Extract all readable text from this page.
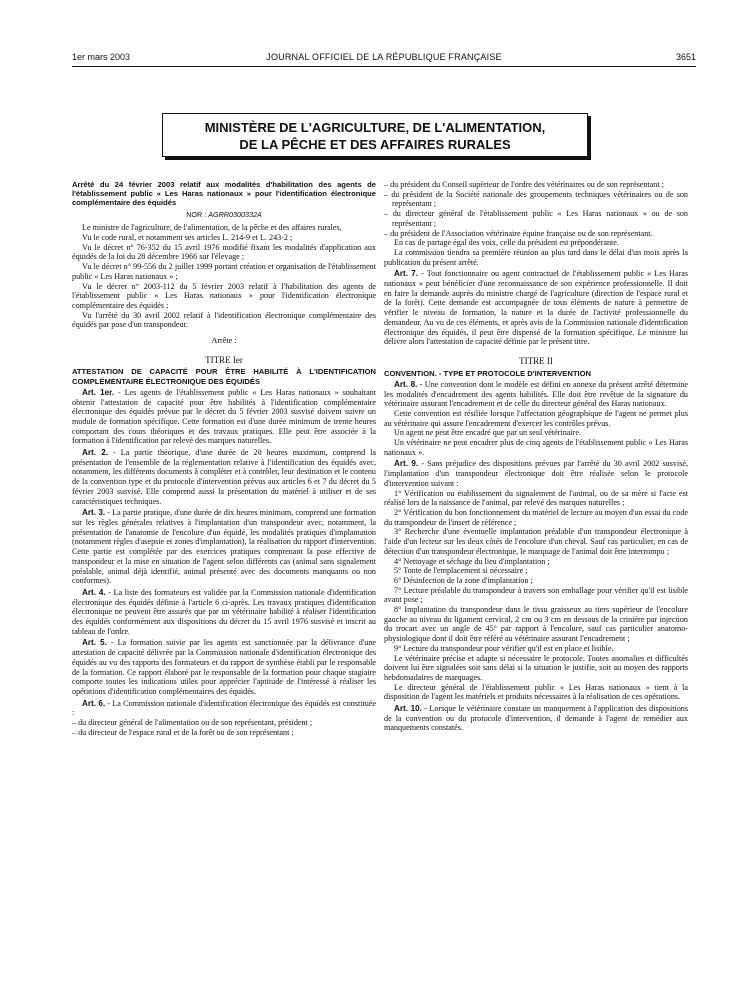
1er mars 2003	JOURNAL OFFICIEL DE LA RÉPUBLIQUE FRANÇAISE	3651
MINISTÈRE DE L'AGRICULTURE, DE L'ALIMENTATION,
DE LA PÊCHE ET DES AFFAIRES RURALES

Arrêté du 24 février 2003 relatif aux modalités d'habilitation des agents de l'établissement public « Les Haras nationaux » pour l'identification électronique complémentaire des équidés

NOR : AGRR0300332A

Le ministre de l'agriculture, de l'alimentation, de la pêche et des affaires rurales,

Vu le code rural, et notamment ses articles L. 214-9 et L. 243-2 ;

Vu le décret n° 76-352 du 15 avril 1976 modifié fixant les modalités d'application aux équidés de la loi du 28 décembre 1966 sur l'élevage ;

Vu le décret n° 99-556 du 2 juillet 1999 portant création et organisation de l'établissement public « Les Haras nationaux » ;

Vu le décret n° 2003-112 du 5 février 2003 relatif à l'habilitation des agents de l'établissement public « Les Haras nationaux » pour l'identification électronique complémentaire des équidés ;

Vu l'arrêté du 30 avril 2002 relatif à l'identification électronique complémentaire des équidés par pose d'un transpondeur.

Arrête :

TITRE Ier

ATTESTATION DE CAPACITÉ POUR ÊTRE HABILITÉ À L'IDENTIFICATION COMPLÉMENTAIRE ÉLECTRONIQUE DES ÉQUIDÉS

Art. 1er. - Les agents de l'établissement public « Les Haras nationaux » souhaitant obtenir l'attestation de capacité pour être habilités à l'identification complémentaire électronique des équidés prévue par le décret du 5 février 2003 susvisé doivent suivre un module de formation spécifique. Cette formation est d'une durée minimum de trente heures comportant des cours théoriques et des travaux pratiques. Elle peut être associée à la formation à l'identification par relevé des marques naturelles.

Art. 2. - La partie théorique, d'une durée de 20 heures maximum, comprend la présentation de l'ensemble de la réglementation relative à l'identification des équidés avec, notamment, les différents documents à compléter et à contrôler, leur destination et le contenu de la convention type et du protocole d'intervention prévus aux articles 6 et 7 du décret du 5 février 2003 susvisé. Elle comprend aussi la présentation du matériel à utiliser et de ses caractéristiques techniques.

Art. 3. - La partie pratique, d'une durée de dix heures minimum, comprend une formation sur les règles générales relatives à l'implantation d'un transpondeur avec, notamment, la présentation de l'anatomie de l'encolure d'un équidé, les modalités pratiques d'implantation (notamment règles d'asepsie et zones d'implantation), la réalisation du rapport d'intervention. Cette partie est complétée par des exercices pratiques comprenant la pose effective de transpondeur et la mise en situation de l'agent selon différents cas (animal sans signalement préalable, animal déjà identifié, animal présenté avec des documents manquants ou non conformes).

Art. 4. - La liste des formateurs est validée par la Commission nationale d'identification électronique des équidés définie à l'article 6 ci-après. Les travaux pratiques d'identification électronique ne peuvent être assurés que par un vétérinaire habilité à réaliser l'identification des équidés conformément aux dispositions du décret du 15 avril 1976 susvisé et inscrit au tableau de l'ordre.

Art. 5. - La formation suivie par les agents est sanctionnée par la délivrance d'une attestation de capacité délivrée par la Commission nationale d'identification électronique des équidés au vu des rapports des formateurs et du rapport de synthèse établi par le responsable de la formation. Ce rapport élaboré par le responsable de la formation pour chaque stagiaire comporte toutes les indications utiles pour apprécier l'aptitude de l'intéressé à réaliser les opérations d'identification complémentaires des équidés.

Art. 6. - La Commission nationale d'identification électronique des équidés est constituée :

– du directeur général de l'alimentation ou de son représentant, président ;

– du directeur de l'espace rural et de la forêt ou de son représentant ;

– du président du Conseil supérieur de l'ordre des vétérinaires ou de son représentant ;

– du président de la Société nationale des groupements techniques vétérinaires ou de son représentant ;

– du directeur général de l'établissement public « Les Haras nationaux » ou de son représentant ;

– du président de l'Association vétérinaire équine française ou de son représentant.

En cas de partage égal des voix, celle du président est prépondérante.

La commission tiendra sa première réunion au plus tard dans le délai d'un mois après la publication du présent arrêté.

Art. 7. - Tout fonctionnaire ou agent contractuel de l'établissement public « Les Haras nationaux » peut bénéficier d'une reconnaissance de son expérience professionnelle. Il doit en faire la demande auprès du ministre chargé de l'agriculture (direction de l'espace rural et de la forêt). Cette demande est accompagnée de tous éléments de nature à permettre de vérifier le niveau de formation, la nature et la durée de l'activité professionnelle du demandeur. Au vu de ces éléments, et après avis de la Commission nationale d'identification électronique des équidés, il peut être dispensé de la formation spécifique. Le ministre lui délivre alors l'attestation de capacité définie par le présent titre.

TITRE II

CONVENTION. - TYPE ET PROTOCOLE D'INTERVENTION

Art. 8. - Une convention dont le modèle est défini en annexe du présent arrêté détermine les modalités d'encadrement des agents habilités. Elle doit être revêtue de la signature du vétérinaire assurant l'encadrement et de celle du directeur général des Haras nationaux.

Cette convention est résiliée lorsque l'affectation géographique de l'agent ne permet plus au vétérinaire qui assure l'encadrement d'exercer les contrôles prévus.

Un agent ne peut être encadré que par un seul vétérinaire.

Un vétérinaire ne peut encadrer plus de cinq agents de l'établissement public « Les Haras nationaux ».

Art. 9. - Sans préjudice des dispositions prévues par l'arrêté du 30 avril 2002 susvisé, l'implantation d'un transpondeur électronique doit être réalisée selon le protocole d'intervention suivant :

1° Vérification ou établissement du signalement de l'animal, ou de sa mère si l'acte est réalisé lors de la naissance de l'animal, par relevé des marques naturelles ;

2° Vérification du bon fonctionnement du matériel de lecture au moyen d'un essai du code du transpondeur de l'insert de référence ;

3° Recherche d'une éventuelle implantation préalable d'un transpondeur électronique à l'aide d'un lecteur sur les deux côtés de l'encolure d'un cheval. Sauf cas particulier, en cas de détection d'un transpondeur électronique, le marquage de l'animal doit être interrompu ;

4° Nettoyage et séchage du lieu d'implantation ;

5° Tonte de l'emplacement si nécessaire ;

6° Désinfection de la zone d'implantation ;

7° Lecture préalable du transpondeur à travers son emballage pour vérifier qu'il est lisible avant pose ;

8° Implantation du transpondeur dans le tissu graisseux au tiers supérieur de l'encolure gauche au niveau du ligament cervical, 2 cm ou 3 cm en dessous de la crinière par injection du trocart avec un angle de 45° par rapport à l'encolure, sauf cas particulier anatomo-physiologique dont il doit être référé au vétérinaire assurant l'encadrement ;

9° Lecture du transpondeur pour vérifier qu'il est en place et lisible.

Le vétérinaire précise et adapte si nécessaire le protocole. Toutes anomalies et difficultés doivent lui être signalées soit sans délai si la situation le justifie, soit au moyen des rapports hebdomadaires de marquages.

Le directeur général de l'établissement public « Les Haras nationaux » tient à la disposition de l'agent les matériels et produits nécessaires à la réalisation de ces opérations.

Art. 10. - Lorsque le vétérinaire constate un manquement à l'application des dispositions de la convention ou du protocole d'intervention, il demande à l'agent de remédier aux manquements constatés.
